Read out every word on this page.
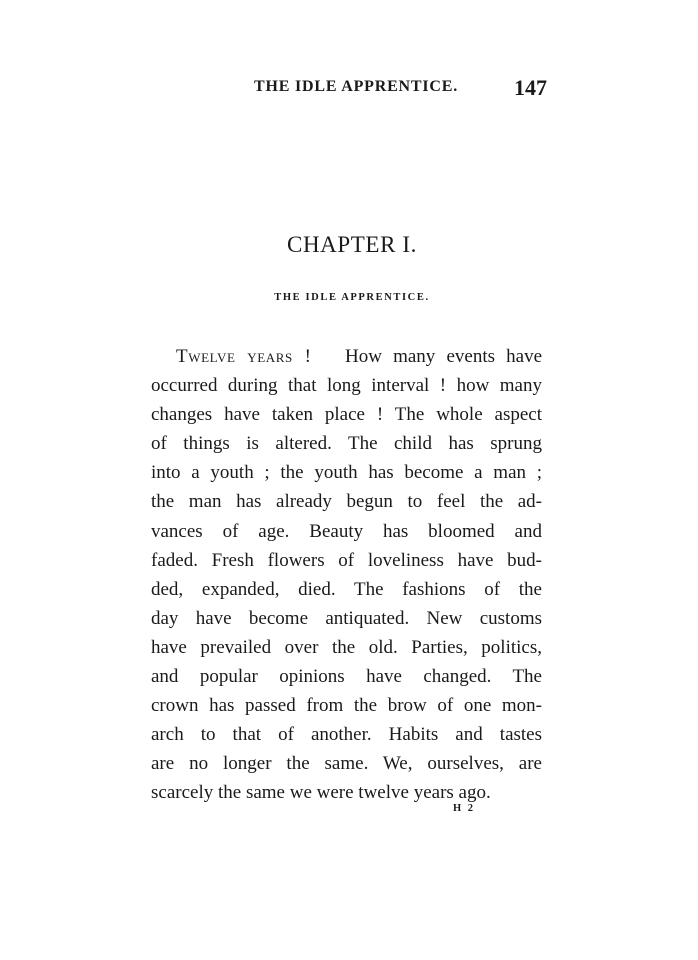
THE IDLE APPRENTICE.	147
CHAPTER I.
THE IDLE APPRENTICE.
Twelve years ! How many events have
occurred during that long interval ! how many
changes have taken place ! The whole aspect
of things is altered. The child has sprung
into a youth ; the youth has become a man ;
the man has already begun to feel the ad-
vances of age. Beauty has bloomed and
faded. Fresh flowers of loveliness have bud-
ded, expanded, died. The fashions of the
day have become antiquated. New customs
have prevailed over the old. Parties, politics,
and popular opinions have changed. The
crown has passed from the brow of one mon-
arch to that of another. Habits and tastes
are no longer the same. We, ourselves, are
scarcely the same we were twelve years ago.
H 2
